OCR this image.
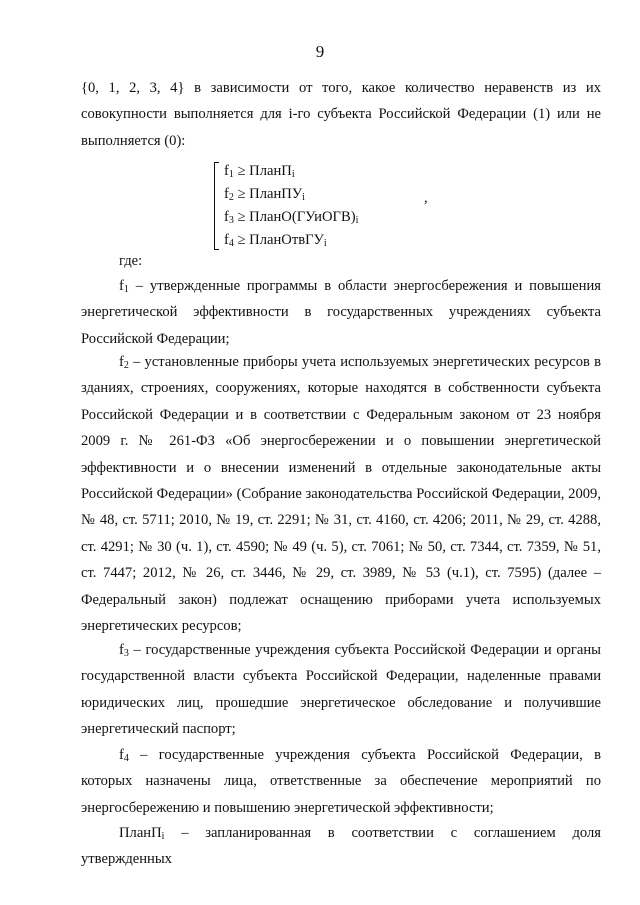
9
{0, 1, 2, 3, 4} в зависимости от того, какое количество неравенств из их совокупности выполняется для i-го субъекта Российской Федерации (1) или не выполняется (0):
$f_1$ ≥ ПланП$_i$
$f_2$ ≥ ПланПУ$_i$
$f_3$ ≥ $ПланО(ГУиОГВ)_i$
$f_4$ ≥ ПланОтвГУ$_i$
,
где:
$f_1$ – утвержденные программы в области энергосбережения и повышения энергетической эффективности в государственных учреждениях субъекта Российской Федерации;
$f_2$ – установленные приборы учета используемых энергетических ресурсов в зданиях, строениях, сооружениях, которые находятся в собственности субъекта Российской Федерации и в соответствии с Федеральным законом от 23 ноября 2009 г. № 261-ФЗ «Об энергосбережении и о повышении энергетической эффективности и о внесении изменений в отдельные законодательные акты Российской Федерации» (Собрание законодательства Российской Федерации, 2009, № 48, ст. 5711; 2010, № 19, ст. 2291; № 31, ст. 4160, ст. 4206; 2011, № 29, ст. 4288, ст. 4291; № 30 (ч. 1), ст. 4590; № 49 (ч. 5), ст. 7061; № 50, ст. 7344, ст. 7359, № 51, ст. 7447; 2012, № 26, ст. 3446, № 29, ст. 3989, № 53 (ч.1), ст. 7595) (далее – Федеральный закон) подлежат оснащению приборами учета используемых энергетических ресурсов;
$f_3$ – государственные учреждения субъекта Российской Федерации и органы государственной власти субъекта Российской Федерации, наделенные правами юридических лиц, прошедшие энергетическое обследование и получившие энергетический паспорт;
$f_4$ – государственные учреждения субъекта Российской Федерации, в которых назначены лица, ответственные за обеспечение мероприятий по энергосбережению и повышению энергетической эффективности;
ПланП$_i$ – запланированная в соответствии с соглашением доля утвержденных
